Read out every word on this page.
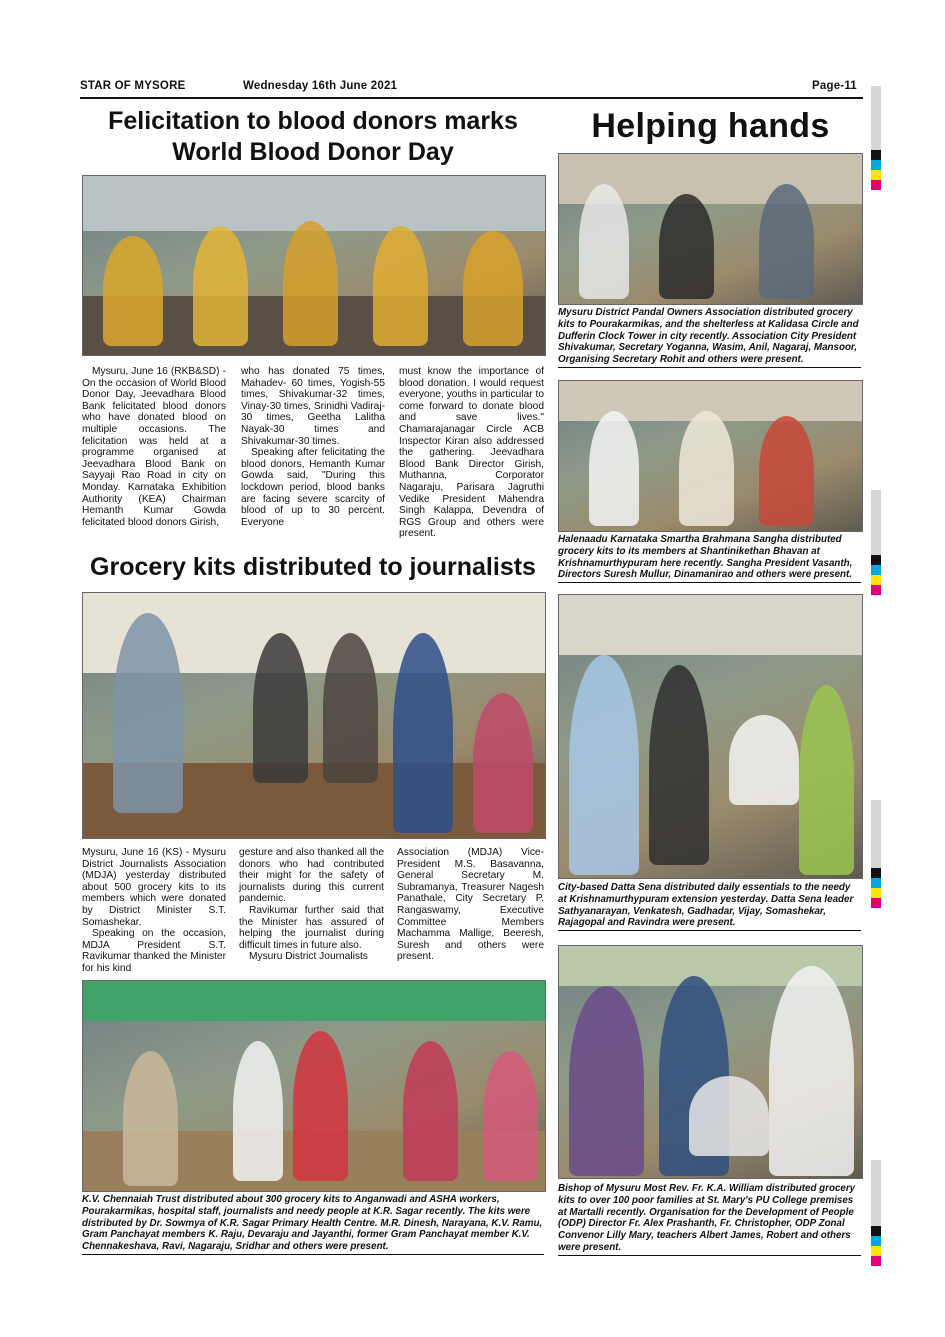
STAR OF MYSORE	Wednesday 16th June 2021	Page-11
Felicitation to blood donors marks
World Blood Donor Day

Mysuru, June 16 (RKB&SD) - On the occasion of World Blood Donor Day, Jeevadhara Blood Bank felicitated blood donors who have donated blood on multiple occasions. The felicitation was held at a programme organised at Jeevadhara Blood Bank on Sayyaji Rao Road in city on Monday. Karnataka Exhibition Authority (KEA) Chairman Hemanth Kumar Gowda felicitated blood donors Girish,

who has donated 75 times, Mahadev- 60 times, Yogish-55 times, Shivakumar-32 times, Vinay-30 times, Srinidhi Vadiraj-30 times, Geetha Lalitha Nayak-30 times and Shivakumar-30 times.

Speaking after felicitating the blood donors, Hemanth Kumar Gowda said, "During this lockdown period, blood banks are facing severe scarcity of blood of up to 30 percent. Everyone

must know the importance of blood donation. I would request everyone, youths in particular to come forward to donate blood and save lives." Chamarajanagar Circle ACB Inspector Kiran also addressed the gathering. Jeevadhara Blood Bank Director Girish, Muthanna, Corporator Nagaraju, Parisara Jagruthi Vedike President Mahendra Singh Kalappa, Devendra of RGS Group and others were present.

Grocery kits distributed to journalists

Mysuru, June 16 (KS) - Mysuru District Journalists Association (MDJA) yesterday distributed about 500 grocery kits to its members which were donated by District Minister S.T. Somashekar.

Speaking on the occasion, MDJA President S.T. Ravikumar thanked the Minister for his kind

gesture and also thanked all the donors who had contributed their might for the safety of journalists during this current pandemic.

Ravikumar further said that the Minister has assured of helping the journalist during difficult times in future also.

Mysuru District Journalists

Association (MDJA) Vice-President M.S. Basavanna, General Secretary M. Subramanya, Treasurer Nagesh Panathale, City Secretary P. Rangaswamy, Executive Committee Members Machamma Mallige, Beeresh, Suresh and others were present.

K.V. Chennaiah Trust distributed about 300 grocery kits to Anganwadi and ASHA workers, Pourakarmikas, hospital staff, journalists and needy people at K.R. Sagar recently. The kits were distributed by Dr. Sowmya of K.R. Sagar Primary Health Centre. M.R. Dinesh, Narayana, K.V. Ramu, Gram Panchayat members K. Raju, Devaraju and Jayanthi, former Gram Panchayat member K.V. Chennakeshava, Ravi, Nagaraju, Sridhar and others were present.
Helping hands
Mysuru District Pandal Owners Association distributed grocery kits to Pourakarmikas, and the shelterless at Kalidasa Circle and Dufferin Clock Tower in city recently. Association City President Shivakumar, Secretary Yoganna, Wasim, Anil, Nagaraj, Mansoor, Organising Secretary Rohit and others were present.
Halenaadu Karnataka Smartha Brahmana Sangha distributed grocery kits to its members at Shantinikethan Bhavan at Krishnamurthypuram here recently. Sangha President Vasanth, Directors Suresh Mullur, Dinamanirao and others were present.
City-based Datta Sena distributed daily essentials to the needy at Krishnamurthypuram extension yesterday. Datta Sena leader Sathyanarayan, Venkatesh, Gadhadar, Vijay, Somashekar, Rajagopal and Ravindra were present.
Bishop of Mysuru Most Rev. Fr. K.A. William distributed grocery kits to over 100 poor families at St. Mary's PU College premises at Martalli recently. Organisation for the Development of People (ODP) Director Fr. Alex Prashanth, Fr. Christopher, ODP Zonal Convenor Lilly Mary, teachers Albert James, Robert and others were present.
